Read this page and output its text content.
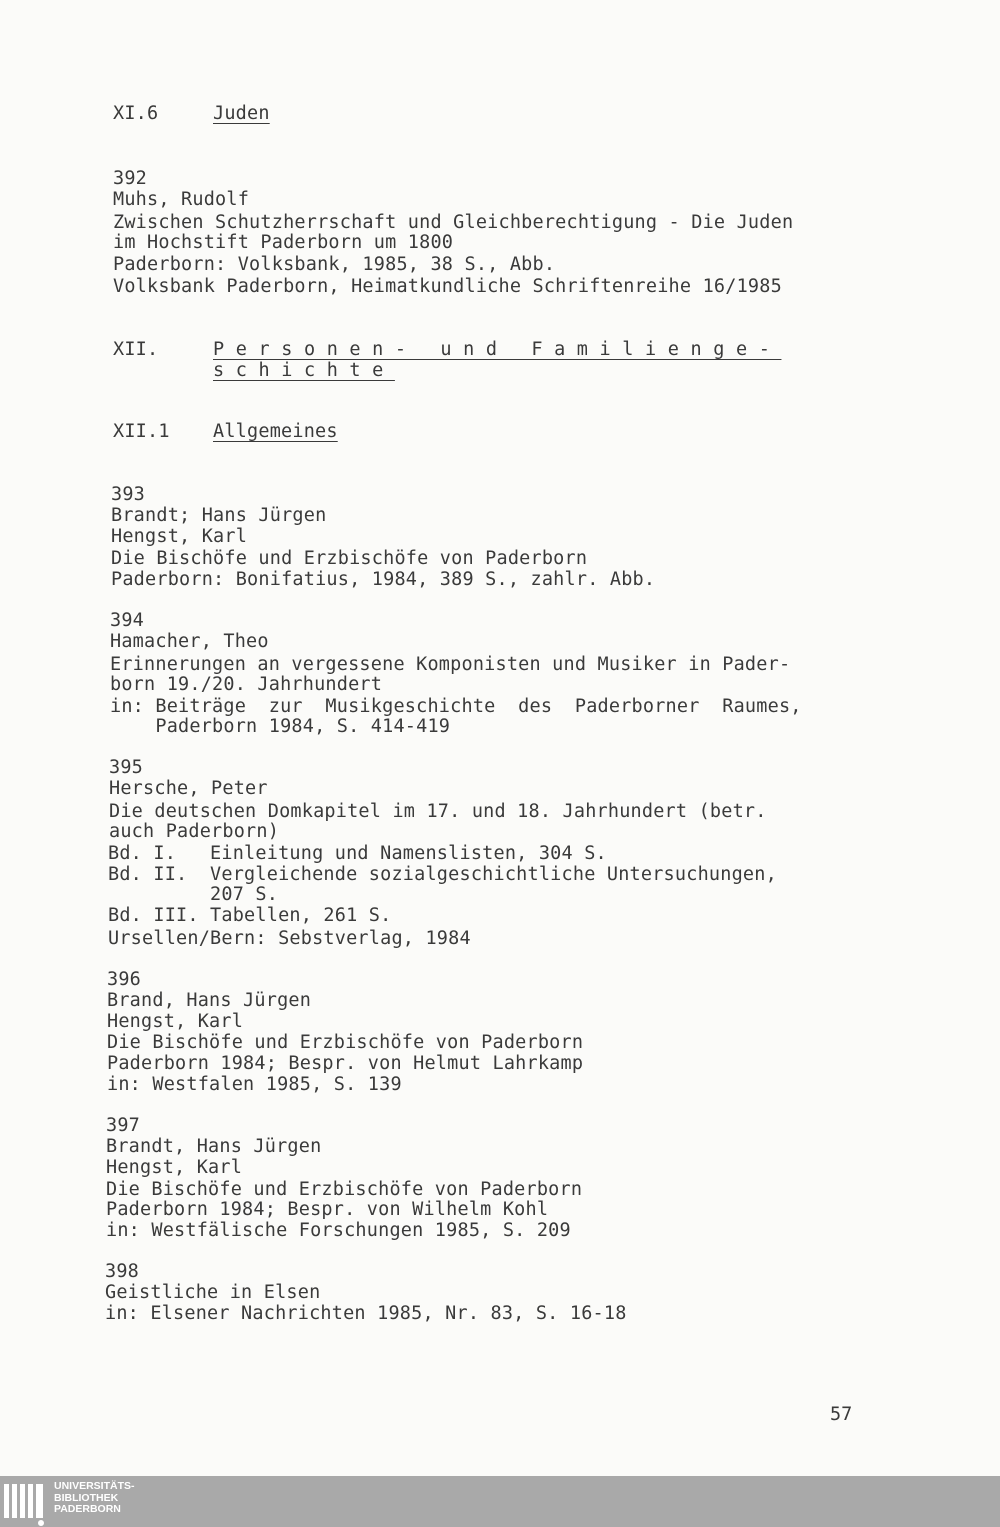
XI.6	Juden
XII.	Personen- und Familienge-
schichte
XII.1 Allgemeines
392
Muhs, Rudolf
Zwischen Schutzherrschaft und Gleichberechtigung - Die Juden
im Hochstift Paderborn um 1800
Paderborn: Volksbank, 1985, 38 S., Abb.
Volksbank Paderborn, Heimatkundliche Schriftenreihe 16/1985
393
Brandt; Hans Jürgen
Hengst, Karl
Die Bischöfe und Erzbischöfe von Paderborn
Paderborn: Bonifatius, 1984, 389 S., zahlr. Abb.
394
Hamacher, Theo
Erinnerungen an vergessene Komponisten und Musiker in Pader-
born 19./20. Jahrhundert
in: Beiträge  zur  Musikgeschichte  des  Paderborner  Raumes,
Paderborn 1984, S. 414-419
395
Hersche, Peter
Die deutschen Domkapitel im 17. und 18. Jahrhundert (betr.
auch Paderborn)
Bd. I.   Einleitung und Namenslisten, 304 S.
Bd. II.  Vergleichende sozialgeschichtliche Untersuchungen,
207 S.
Bd. III. Tabellen, 261 S.
Ursellen/Bern: Sebstverlag, 1984
396
Brand, Hans Jürgen
Hengst, Karl
Die Bischöfe und Erzbischöfe von Paderborn
Paderborn 1984; Bespr. von Helmut Lahrkamp
in: Westfalen 1985, S. 139
397
Brandt, Hans Jürgen
Hengst, Karl
Die Bischöfe und Erzbischöfe von Paderborn
Paderborn 1984; Bespr. von Wilhelm Kohl
in: Westfälische Forschungen 1985, S. 209
398
Geistliche in Elsen
in: Elsener Nachrichten 1985, Nr. 83, S. 16-18
57
UNIVERSITÄTS-
BIBLIOTHEK
PADERBORN
